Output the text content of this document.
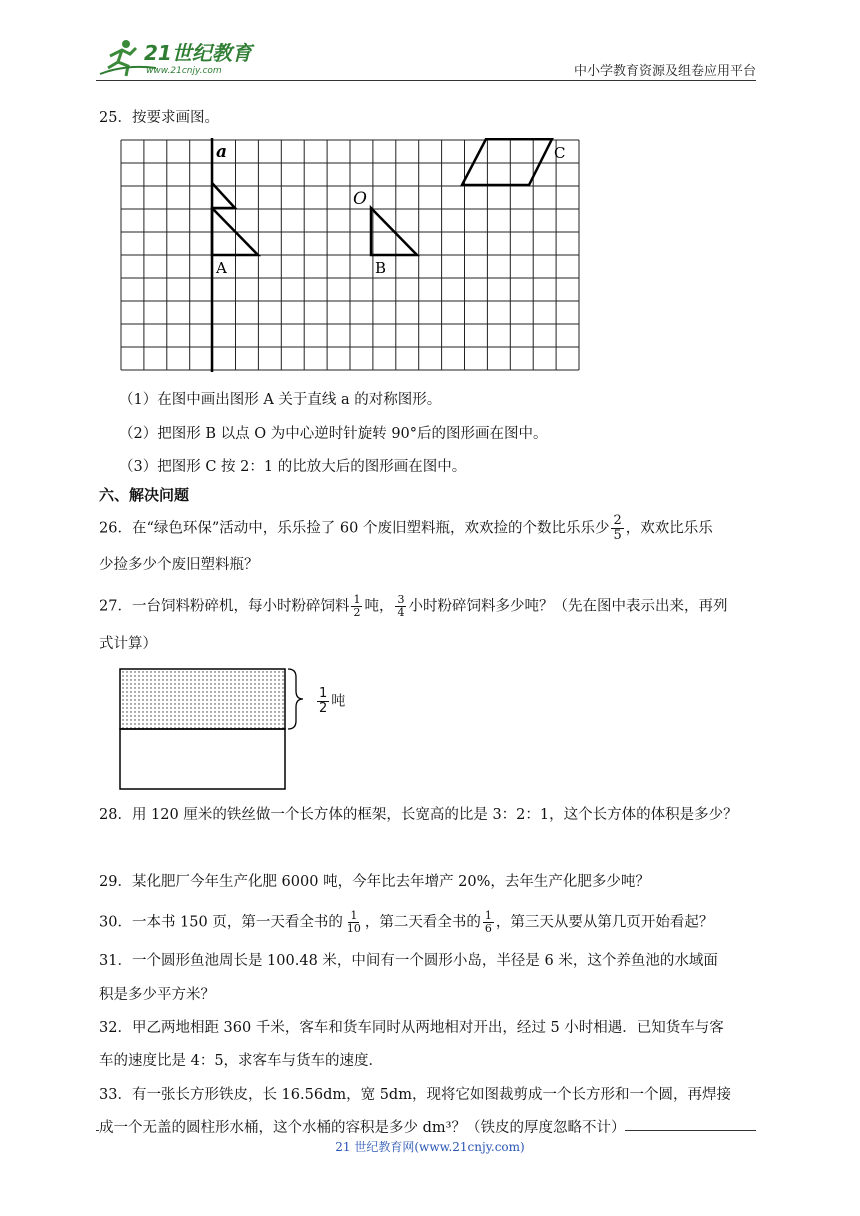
21世纪教育
www.21cnjy.com	中小学教育资源及组卷应用平台
25．按要求画图。
a
A
O
B
C
（1）在图中画出图形 A 关于直线 a 的对称图形。
（2）把图形 B 以点 O 为中心逆时针旋转 90°后的图形画在图中。
（3）把图形 C 按 2：1 的比放大后的图形画在图中。
六、解决问题
26．在“绿色环保”活动中，乐乐捡了 60 个废旧塑料瓶，欢欢捡的个数比乐乐少 $\frac{2}{5}$ ，欢欢比乐乐
少捡多少个废旧塑料瓶？
27．一台饲料粉碎机，每小时粉碎饲料 $\frac{1}{2}$ 吨， $\frac{3}{4}$ 小时粉碎饲料多少吨？（先在图中表示出来，再列
式计算）
$\frac{1}{2}$ 吨
28．用 120 厘米的铁丝做一个长方体的框架，长宽高的比是 3：2：1，这个长方体的体积是多少？
29．某化肥厂今年生产化肥 6000 吨，今年比去年增产 20%，去年生产化肥多少吨？
30．一本书 150 页，第一天看全书的 $\frac{1}{10}$ ，第二天看全书的 $\frac{1}{6}$ ，第三天从要从第几页开始看起？
31．一个圆形鱼池周长是 100.48 米，中间有一个圆形小岛，半径是 6 米，这个养鱼池的水域面
积是多少平方米？
32．甲乙两地相距 360 千米，客车和货车同时从两地相对开出，经过 5 小时相遇．已知货车与客
车的速度比是 4：5，求客车与货车的速度．
33．有一张长方形铁皮，长 16.56dm，宽 5dm，现将它如图裁剪成一个长方形和一个圆，再焊接
成一个无盖的圆柱形水桶，这个水桶的容积是多少 dm³？（铁皮的厚度忽略不计）
21 世纪教育网(www.21cnjy.com)
